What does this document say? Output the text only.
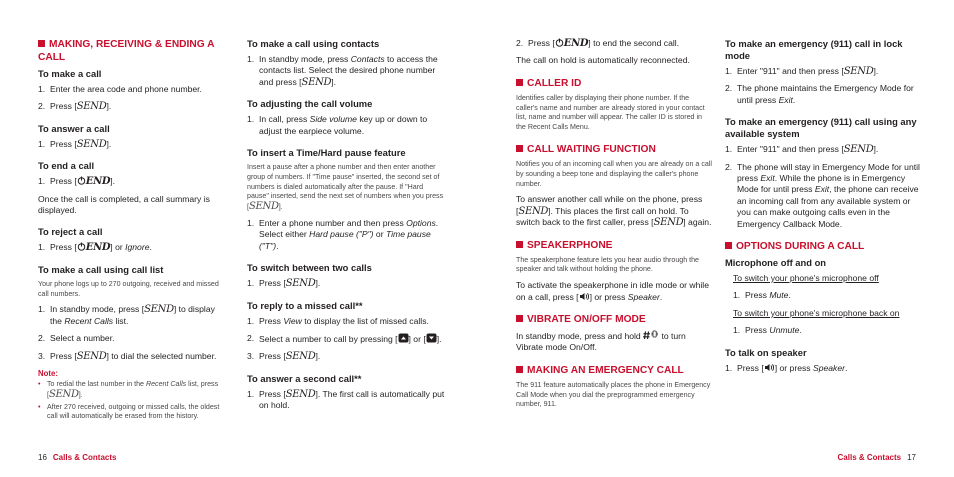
MAKING, RECEIVING & ENDING A CALL
To make a call
1. Enter the area code and phone number.
2. Press [SEND].
To answer a call
1. Press [SEND].
To end a call
1. Press [ END].
Once the call is completed, a call summary is displayed.
To reject a call
1. Press [ END] or Ignore.
To make a call using call list
Your phone logs up to 270 outgoing, received and missed call numbers.
1. In standby mode, press [SEND] to display the Recent Calls list.
2. Select a number.
3. Press [SEND] to dial the selected number.
Note:
• To redial the last number in the Recent Calls list, press [SEND].
• After 270 received, outgoing or missed calls, the oldest call will automatically be erased from the history.
To make a call using contacts
1. In standby mode, press Contacts to access the contacts list. Select the desired phone number and press [SEND].
To adjusting the call volume
1. In call, press Side volume key up or down to adjust the earpiece volume.
To insert a Time/Hard pause feature
Insert a pause after a phone number and then enter another group of numbers. If "Time pause" inserted, the second set of numbers is dialed automatically after the pause. If "Hard pause" inserted, send the next set of numbers when you press [SEND].
1. Enter a phone number and then press Options. Select either Hard pause ("P") or Time pause ("T").
To switch between two calls
1. Press [SEND].
To reply to a missed call**
1. Press View to display the list of missed calls.
2. Select a number to call by pressing [ ] or [ ].
3. Press [SEND].
To answer a second call**
1. Press [SEND]. The first call is automatically put on hold.
2. Press [ END] to end the second call.
The call on hold is automatically reconnected.
CALLER ID
Identifies caller by displaying their phone number. If the caller's name and number are already stored in your contact list, name and number will appear. The caller ID is stored in the Recent Calls Menu.
CALL WAITING FUNCTION
Notifies you of an incoming call when you are already on a call by sounding a beep tone and displaying the caller's phone number.
To answer another call while on the phone, press [SEND]. This places the first call on hold. To switch back to the first caller, press [SEND] again.
SPEAKERPHONE
The speakerphone feature lets you hear audio through the speaker and talk without holding the phone.
To activate the speakerphone in idle mode or while on a call, press [ ] or press Speaker.
VIBRATE ON/OFF MODE
In standby mode, press and hold  to turn Vibrate mode On/Off.
MAKING AN EMERGENCY CALL
The 911 feature automatically places the phone in Emergency Call Mode when you dial the preprogrammed emergency number, 911.
To make an emergency (911) call in lock mode
1. Enter "911" and then press [SEND].
2. The phone maintains the Emergency Mode for until press Exit.
To make an emergency (911) call using any available system
1. Enter "911" and then press [SEND].
2. The phone will stay in Emergency Mode for until press Exit. While the phone is in Emergency Mode for until press Exit, the phone can receive an incoming call from any available system or you can make outgoing calls even in the Emergency Callback Mode.
OPTIONS DURING A CALL
Microphone off and on
To switch your phone's microphone off
1. Press Mute.
To switch your phone's microphone back on
1. Press Unmute.
To talk on speaker
1. Press [ ] or press Speaker.
16 Calls & Contacts	Calls & Contacts 17
